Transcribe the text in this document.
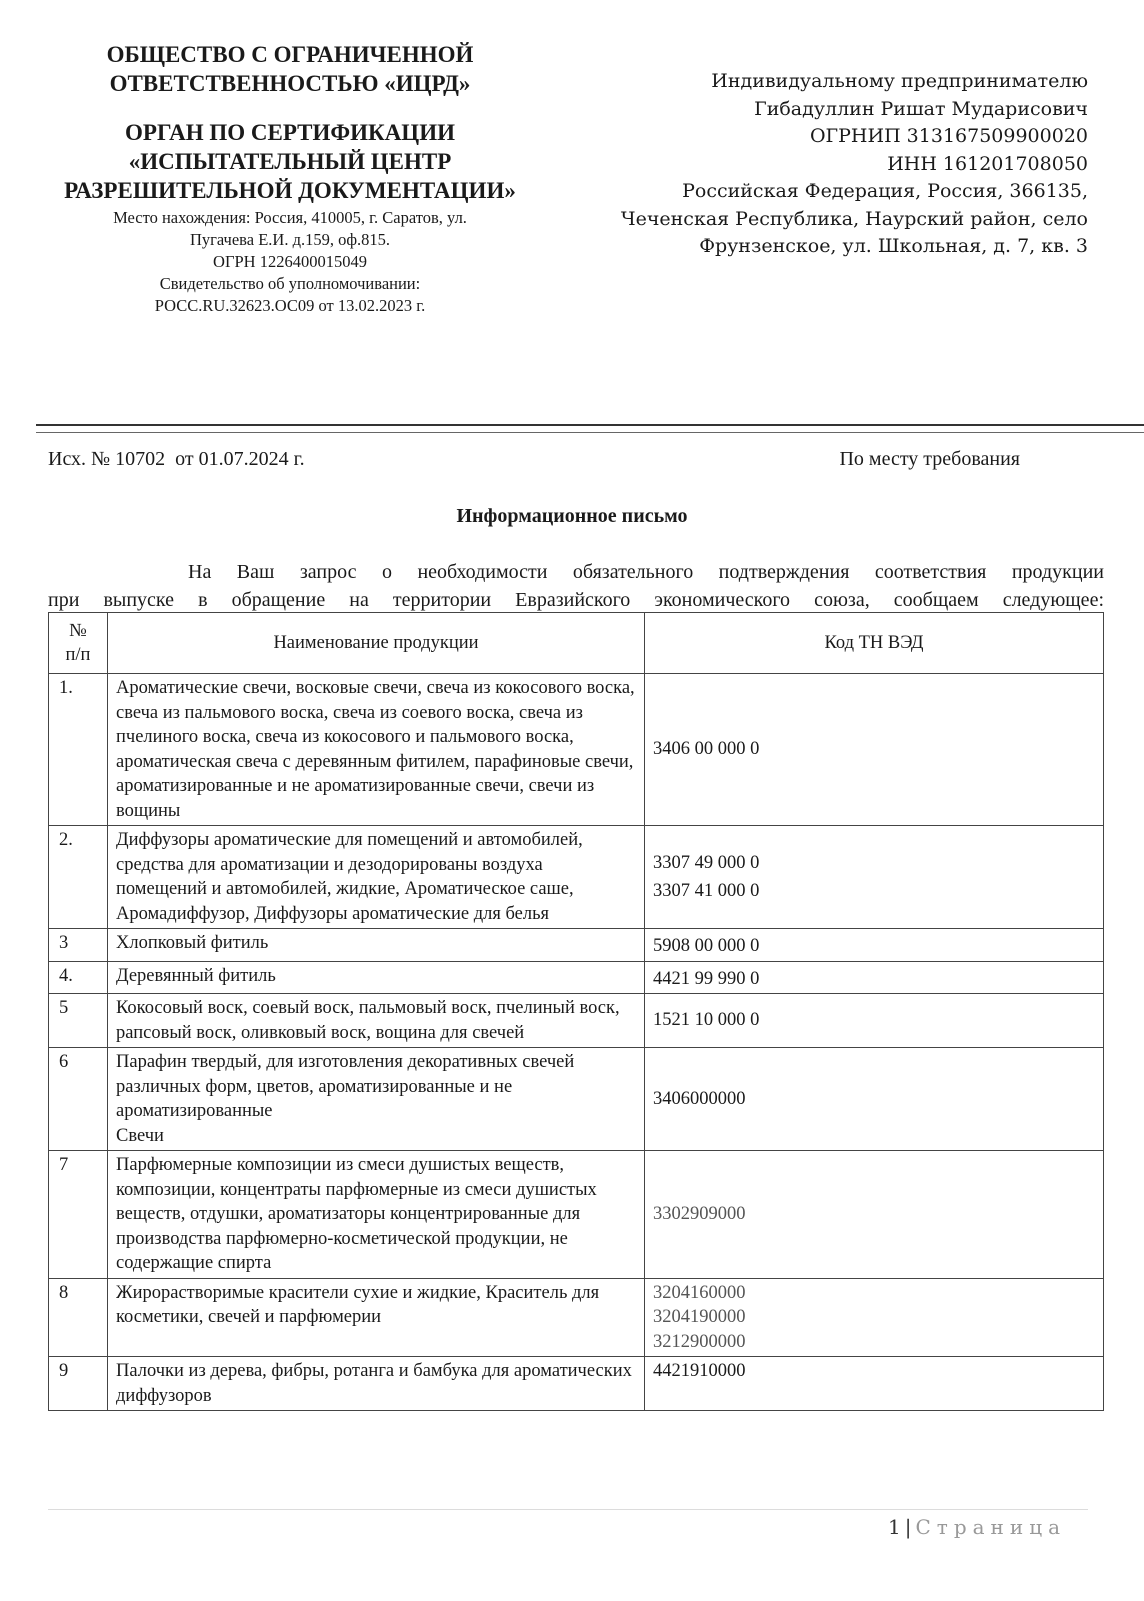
ОБЩЕСТВО С ОГРАНИЧЕННОЙ
ОТВЕТСТВЕННОСТЬЮ «ИЦРД»

ОРГАН ПО СЕРТИФИКАЦИИ
«ИСПЫТАТЕЛЬНЫЙ ЦЕНТР
РАЗРЕШИТЕЛЬНОЙ ДОКУМЕНТАЦИИ»

Место нахождения: Россия, 410005, г. Саратов, ул.
Пугачева Е.И. д.159, оф.815.
ОГРН 1226400015049
Свидетельство об уполномочивании:
РОСС.RU.32623.ОС09 от 13.02.2023 г.
Индивидуальному предпринимателю
Гибадуллин Ришат Мударисович
ОГРНИП 313167509900020
ИНН 161201708050
Российская Федерация, Россия, 366135,
Чеченская Республика, Наурский район, село
Фрунзенское, ул. Школьная, д. 7, кв. 3
Исх. № 10702  от 01.07.2024 г.	По месту требования
Информационное письмо
На Ваш запрос о необходимости обязательного подтверждения соответствия продукции
при выпуске в обращение на территории Евразийского экономического союза, сообщаем следующее:
№
п/п	Наименование продукции	Код ТН ВЭД
1.	Ароматические свечи, восковые свечи, свеча из кокосового воска, свеча из пальмового воска, свеча из соевого воска, свеча из пчелиного воска, свеча из кокосового и пальмового воска, ароматическая свеча с деревянным фитилем, парафиновые свечи, ароматизированные и не ароматизированные свечи, свечи из вощины	3406 00 000 0

2.	Диффузоры ароматические для помещений и автомобилей, средства для ароматизации и дезодорированы воздуха помещений и автомобилей, жидкие, Ароматическое саше, Аромадиффузор, Диффузоры ароматические для белья	3307 49 000 0
3307 41 000 0

3	Хлопковый фитиль	5908 00 000 0

4.	Деревянный фитиль	4421 99 990 0

5	Кокосовый воск, соевый воск, пальмовый воск, пчелиный воск, рапсовый воск, оливковый воск, вощина для свечей	1521 10 000 0

6	Парафин твердый, для изготовления декоративных свечей различных форм, цветов, ароматизированные и не ароматизированные
Свечи	3406000000

7	Парфюмерные композиции из смеси душистых веществ, композиции, концентраты парфюмерные из смеси душистых веществ, отдушки, ароматизаторы концентрированные для производства парфюмерно-косметической продукции, не содержащие спирта	3302909000

8	Жирорастворимые красители сухие и жидкие, Краситель для косметики, свечей и парфюмерии	3204160000
3204190000
3212900000

9	Палочки из дерева, фибры, ротанга и бамбука для ароматических диффузоров	4421910000
1 | Страница
